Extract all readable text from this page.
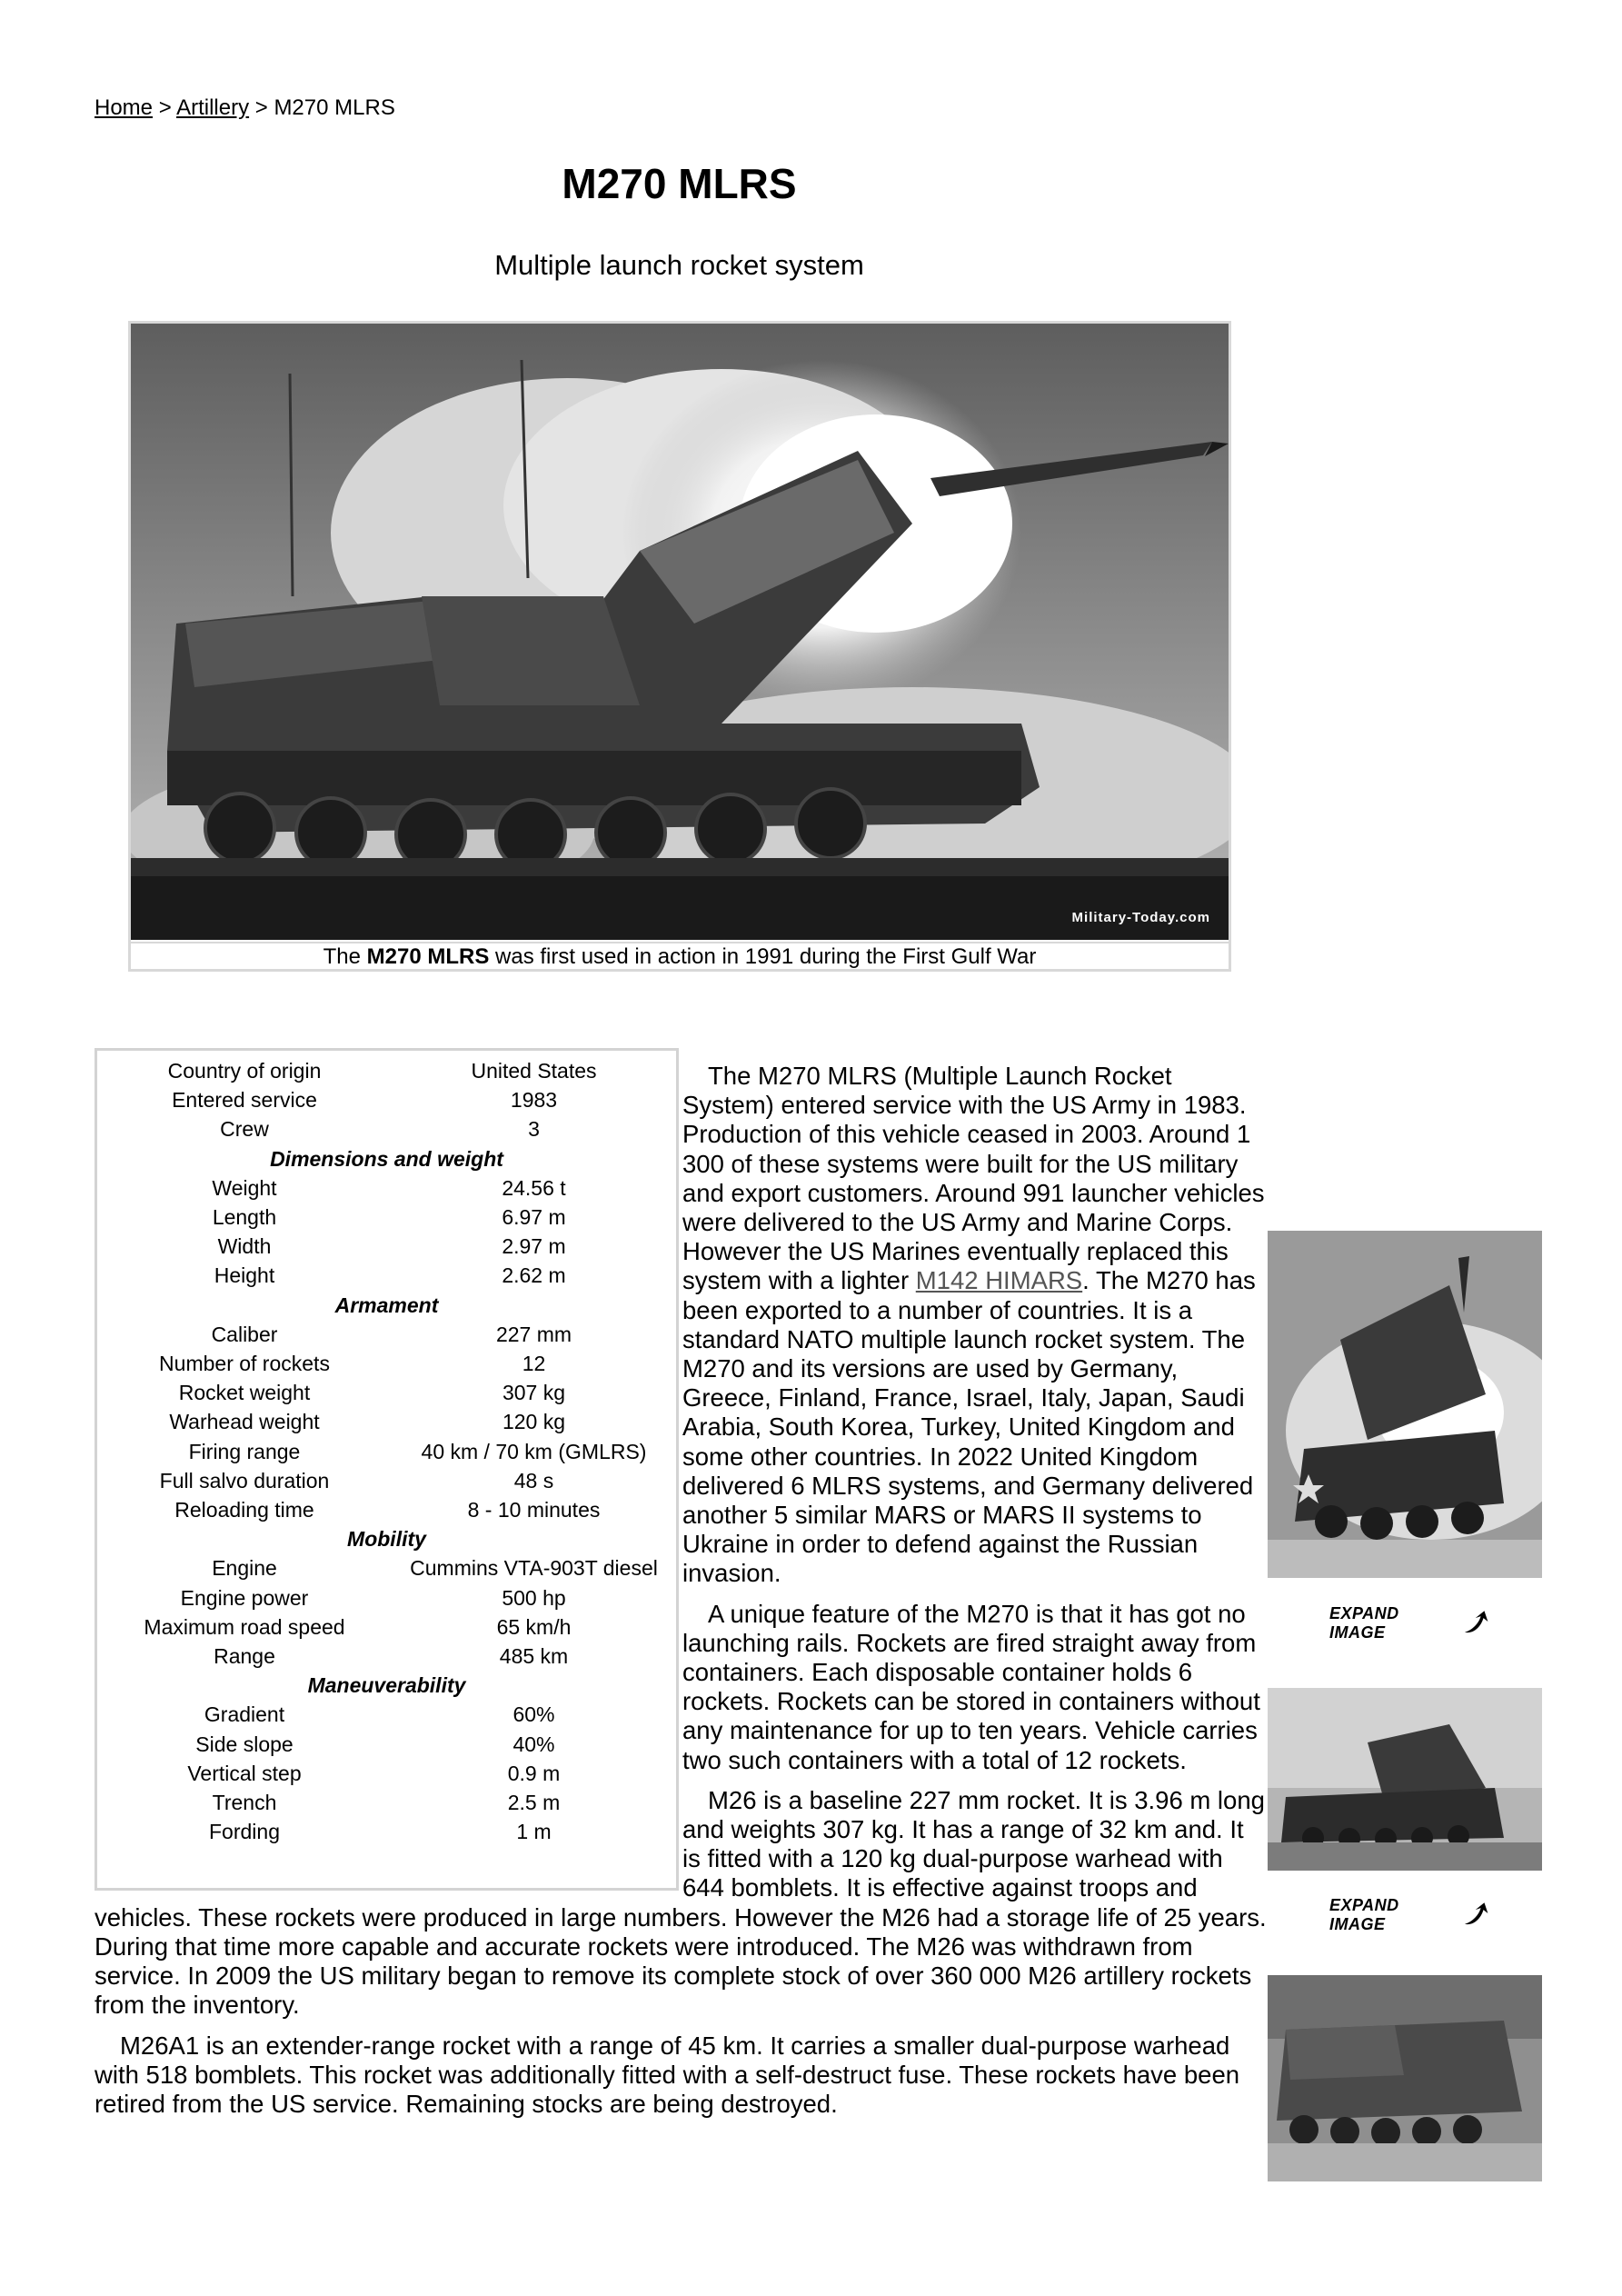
Home > Artillery > M270 MLRS
M270 MLRS
Multiple launch rocket system
Military-Today.com
The M270 MLRS was first used in action in 1991 during the First Gulf War
Country of origin	United States
Entered service	1983
Crew	3
Dimensions and weight	
Weight	24.56 t
Length	6.97 m
Width	2.97 m
Height	2.62 m
Armament	
Caliber	227 mm
Number of rockets	12
Rocket weight	307 kg
Warhead weight	120 kg
Firing range	40 km / 70 km (GMLRS)
Full salvo duration	48 s
Reloading time	8 - 10 minutes
Mobility	
Engine	Cummins VTA-903T diesel
Engine power	500 hp
Maximum road speed	65 km/h
Range	485 km
Maneuverability	
Gradient	60%
Side slope	40%
Vertical step	0.9 m
Trench	2.5 m
Fording	1 m

The M270 MLRS (Multiple Launch Rocket System) entered service with the US Army in 1983. Production of this vehicle ceased in 2003. Around 1 300 of these systems were built for the US military and export customers. Around 991 launcher vehicles were delivered to the US Army and Marine Corps. However the US Marines eventually replaced this system with a lighter M142 HIMARS. The M270 has been exported to a number of countries. It is a standard NATO multiple launch rocket system. The M270 and its versions are used by Germany, Greece, Finland, France, Israel, Italy, Japan, Saudi Arabia, South Korea, Turkey, United Kingdom and some other countries. In 2022 United Kingdom delivered 6 MLRS systems, and Germany delivered another 5 similar MARS or MARS II systems to Ukraine in order to defend against the Russian invasion.

A unique feature of the M270 is that it has got no launching rails. Rockets are fired straight away from containers. Each disposable container holds 6 rockets. Rockets can be stored in containers without any maintenance for up to ten years. Vehicle carries two such containers with a total of 12 rockets.

M26 is a baseline 227 mm rocket. It is 3.96 m long and weights 307 kg. It has a range of 32 km and. It is fitted with a 120 kg dual-purpose warhead with 644 bomblets. It is effective against troops and vehicles. These rockets were produced in large numbers. However the M26 had a storage life of 25 years. During that time more capable and accurate rockets were introduced. The M26 was withdrawn from service. In 2009 the US military began to remove its complete stock of over 360 000 M26 artillery rockets from the inventory.

M26A1 is an extender-range rocket with a range of 45 km. It carries a smaller dual-purpose warhead with 518 bomblets. This rocket was additionally fitted with a self-destruct fuse. These rockets have been retired from the US service. Remaining stocks are being destroyed.

EXPAND IMAGE
EXPAND IMAGE
